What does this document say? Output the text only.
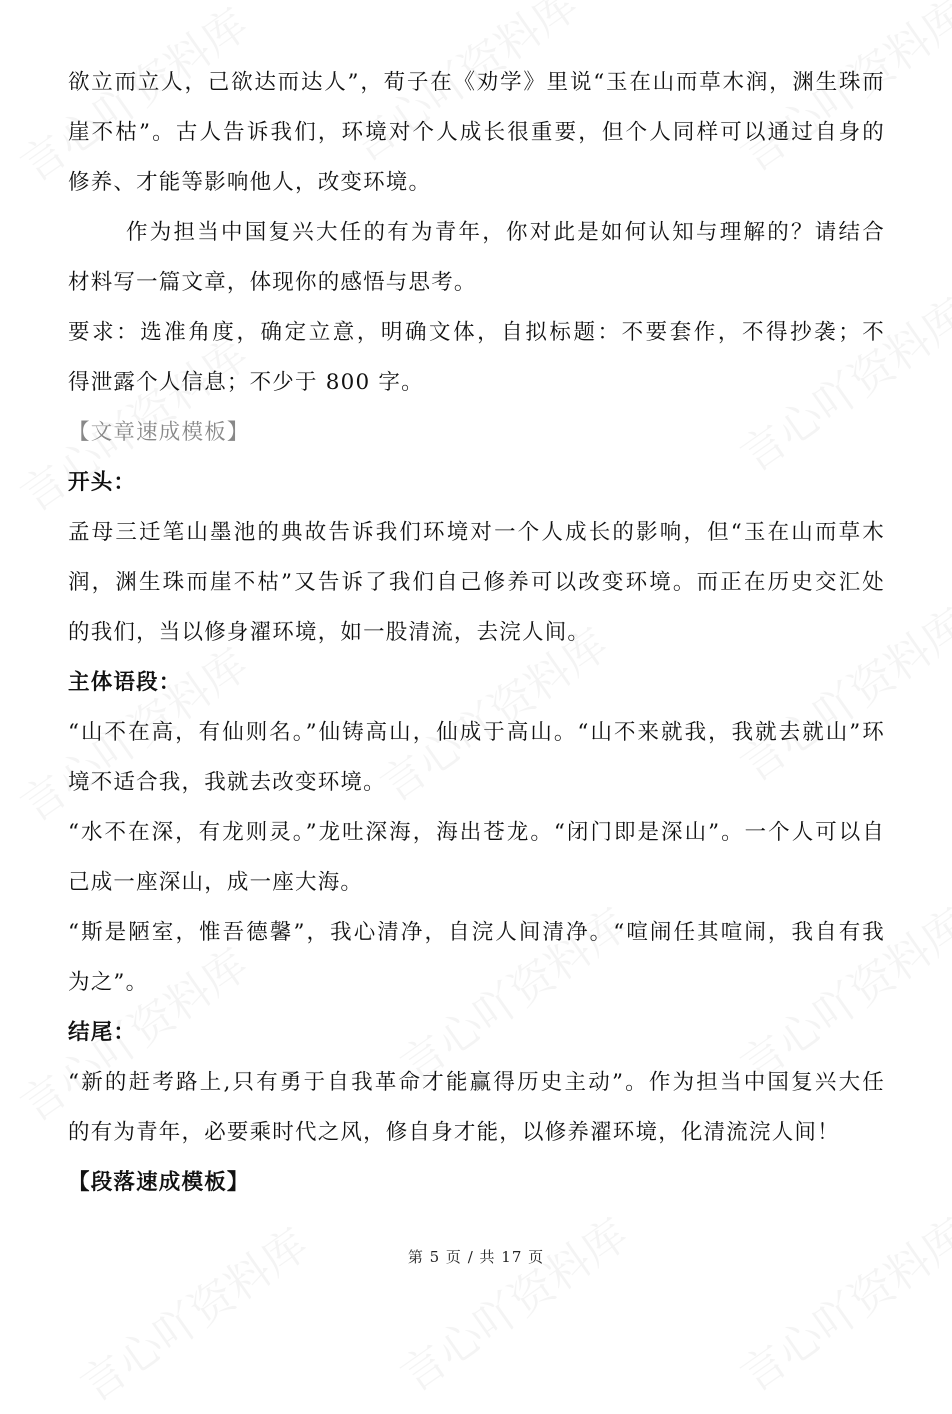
欲立而立人，己欲达而达人”，荀子在《劝学》里说“玉在山而草木润，渊生珠而
崖不枯”。古人告诉我们，环境对个人成长很重要，但个人同样可以通过自身的
修养、才能等影响他人，改变环境。
作为担当中国复兴大任的有为青年，你对此是如何认知与理解的？请结合
材料写一篇文章，体现你的感悟与思考。
要求：选准角度，确定立意，明确文体，自拟标题：不要套作，不得抄袭；不
得泄露个人信息；不少于 800 字。
【文章速成模板】
开头：
孟母三迁笔山墨池的典故告诉我们环境对一个人成长的影响，但“玉在山而草木
润，渊生珠而崖不枯”又告诉了我们自己修养可以改变环境。而正在历史交汇处
的我们，当以修身濯环境，如一股清流，去浣人间。
主体语段：
“山不在高，有仙则名。”仙铸高山，仙成于高山。“山不来就我，我就去就山”环
境不适合我，我就去改变环境。
“水不在深，有龙则灵。”龙吐深海，海出苍龙。“闭门即是深山”。一个人可以自
己成一座深山，成一座大海。
“斯是陋室，惟吾德馨”，我心清净，自浣人间清净。“喧闹任其喧闹，我自有我
为之”。
结尾：
“新的赶考路上,只有勇于自我革命才能赢得历史主动”。作为担当中国复兴大任
的有为青年，必要乘时代之风，修自身才能，以修养濯环境，化清流浣人间！
【段落速成模板】
第 5 页 / 共 17 页
